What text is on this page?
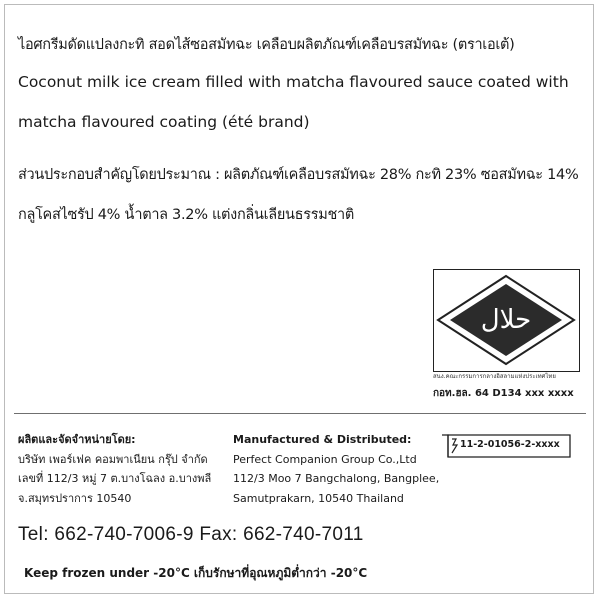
ไอศกรีมดัดแปลงกะทิ สอดไส้ซอสมัทฉะ เคลือบผลิตภัณฑ์เคลือบรสมัทฉะ (ตราเอเต้)
Coconut milk ice cream filled with matcha flavoured sauce coated with
matcha flavoured coating (été brand)
ส่วนประกอบสำคัญโดยประมาณ : ผลิตภัณฑ์เคลือบรสมัทฉะ 28% กะทิ 23% ซอสมัทฉะ 14%
กลูโคสไซรัป 4% น้ำตาล 3.2% แต่งกลิ่นเลียนธรรมชาติ
حلال
สนง.คณะกรรมการกลางอิสลามแห่งประเทศไทย
กอท.ฮล. 64 D134 xxx xxxx
ผลิตและจัดจำหน่ายโดย:
บริษัท เพอร์เฟค คอมพาเนียน กรุ๊ป จำกัด
เลขที่ 112/3 หมู่ 7 ต.บางโฉลง อ.บางพลี
จ.สมุทรปราการ 10540
Manufactured & Distributed:
Perfect Companion Group Co.,Ltd
112/3 Moo 7 Bangchalong, Bangplee,
Samutprakarn, 10540 Thailand
11-2-01056-2-xxxx
Tel: 662-740-7006-9 Fax: 662-740-7011
Keep frozen under -20°C เก็บรักษาที่อุณหภูมิต่ำกว่า -20°C
